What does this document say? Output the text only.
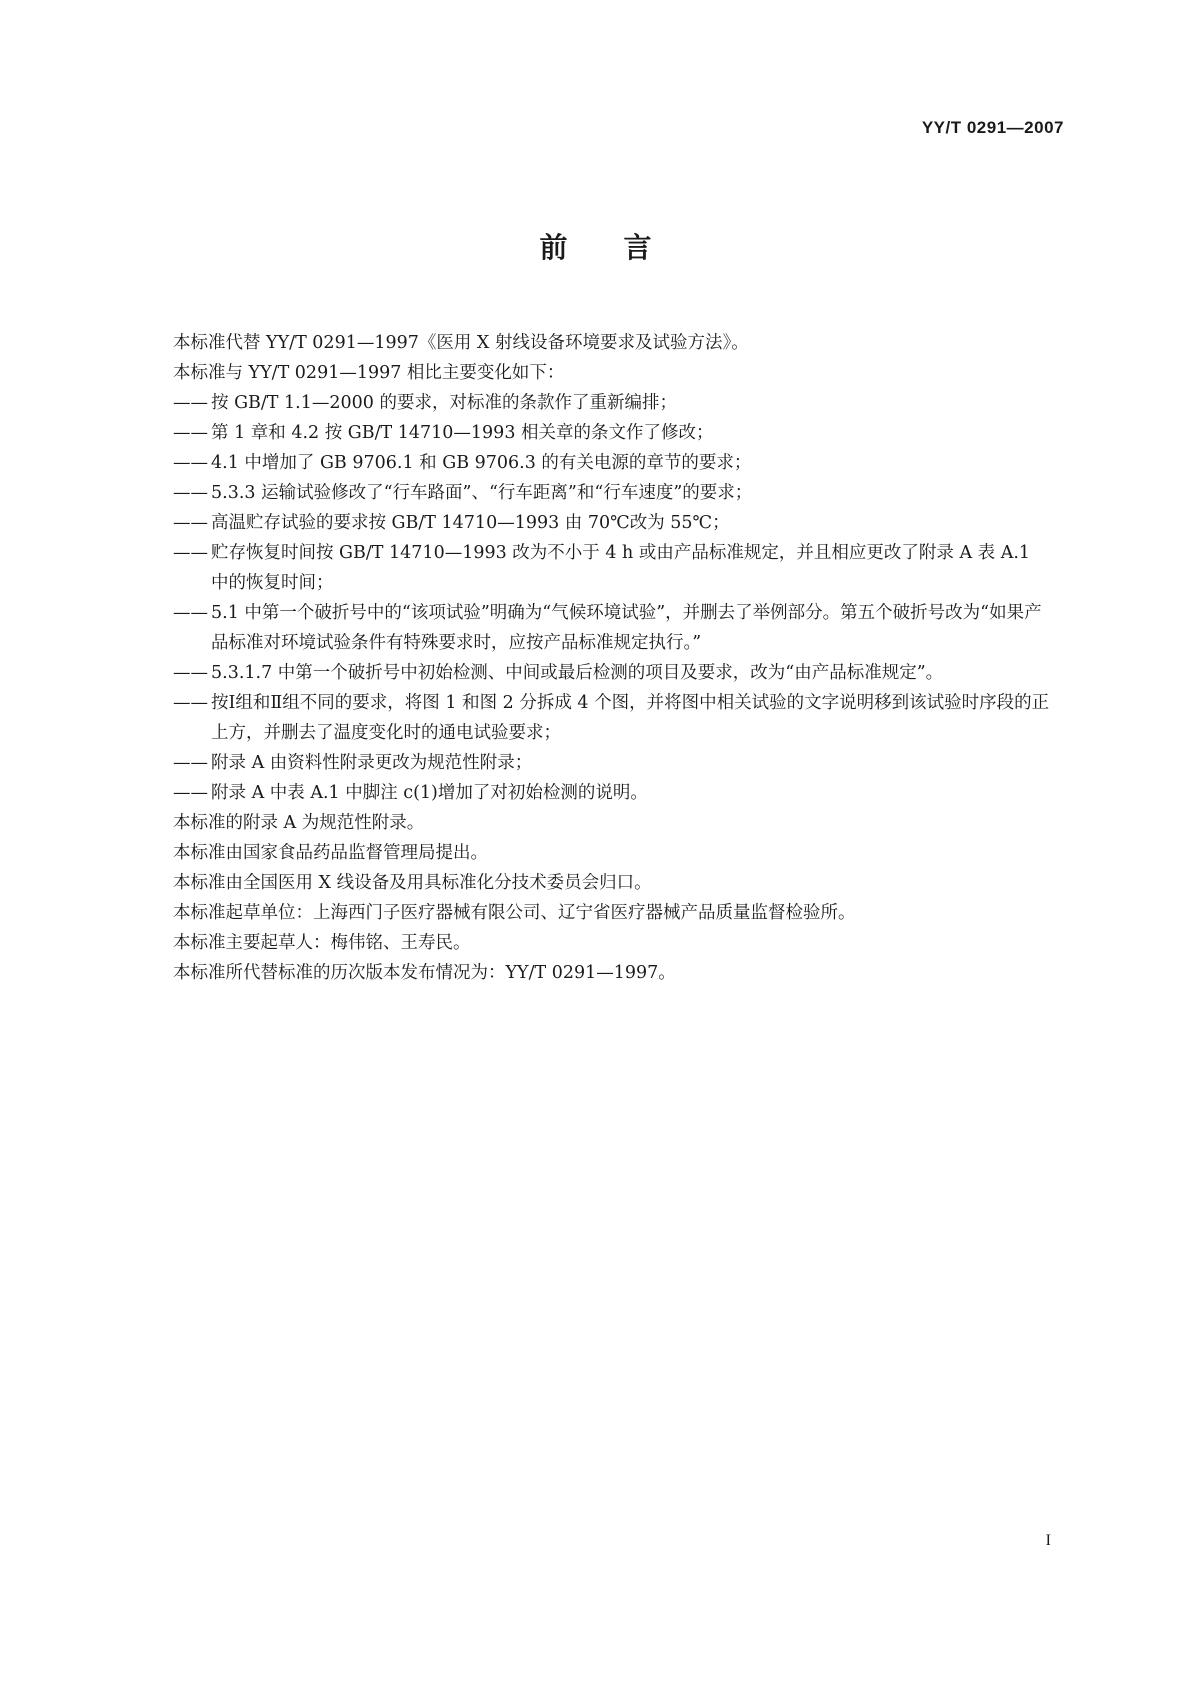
YY/T 0291—2007
前 言

本标准代替 YY/T 0291—1997《医用 X 射线设备环境要求及试验方法》。

本标准与 YY/T 0291—1997 相比主要变化如下：

—— 按 GB/T 1.1—2000 的要求，对标准的条款作了重新编排；
—— 第 1 章和 4.2 按 GB/T 14710—1993 相关章的条文作了修改；
—— 4.1 中增加了 GB 9706.1 和 GB 9706.3 的有关电源的章节的要求；
—— 5.3.3 运输试验修改了“行车路面”、“行车距离”和“行车速度”的要求；
—— 高温贮存试验的要求按 GB/T 14710—1993 由 70℃改为 55℃；
—— 贮存恢复时间按 GB/T 14710—1993 改为不小于 4 h 或由产品标准规定，并且相应更改了附录 A 表 A.1 中的恢复时间；
—— 5.1 中第一个破折号中的“该项试验”明确为“气候环境试验”，并删去了举例部分。第五个破折号改为“如果产品标准对环境试验条件有特殊要求时，应按产品标准规定执行。”
—— 5.3.1.7 中第一个破折号中初始检测、中间或最后检测的项目及要求，改为“由产品标准规定”。
—— 按Ⅰ组和Ⅱ组不同的要求，将图 1 和图 2 分拆成 4 个图，并将图中相关试验的文字说明移到该试验时序段的正上方，并删去了温度变化时的通电试验要求；
—— 附录 A 由资料性附录更改为规范性附录；
—— 附录 A 中表 A.1 中脚注 c(1)增加了对初始检测的说明。

本标准的附录 A 为规范性附录。

本标准由国家食品药品监督管理局提出。

本标准由全国医用 X 线设备及用具标准化分技术委员会归口。

本标准起草单位：上海西门子医疗器械有限公司、辽宁省医疗器械产品质量监督检验所。

本标准主要起草人：梅伟铭、王寿民。

本标准所代替标准的历次版本发布情况为：YY/T 0291—1997。

I
